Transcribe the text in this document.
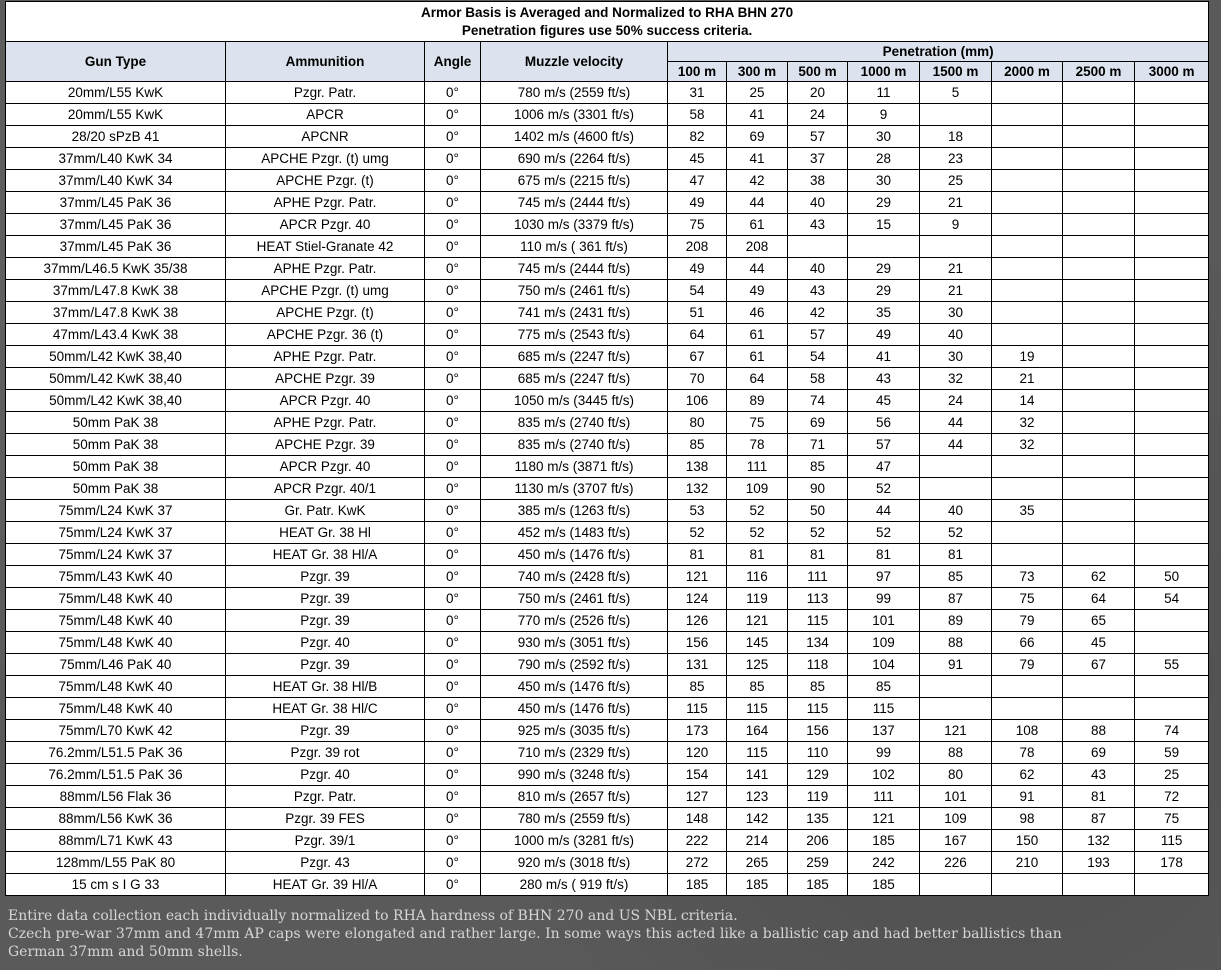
Armor Basis is Averaged and Normalized to RHA BHN 270
Penetration figures use 50% success criteria.											

Gun Type	Ammunition	Angle	Muzzle velocity	Penetration (mm)							
				100 m	300 m	500 m	1000 m	1500 m	2000 m	2500 m	3000 m
20mm/L55 KwK	Pzgr. Patr.	0°	780 m/s (2559 ft/s)	31	25	20	11	5			
20mm/L55 KwK	APCR	0°	1006 m/s (3301 ft/s)	58	41	24	9				
28/20 sPzB 41	APCNR	0°	1402 m/s (4600 ft/s)	82	69	57	30	18			
37mm/L40 KwK 34	APCHE Pzgr. (t) umg	0°	690 m/s (2264 ft/s)	45	41	37	28	23			
37mm/L40 KwK 34	APCHE Pzgr. (t)	0°	675 m/s (2215 ft/s)	47	42	38	30	25			
37mm/L45 PaK 36	APHE Pzgr. Patr.	0°	745 m/s (2444 ft/s)	49	44	40	29	21			
37mm/L45 PaK 36	APCR Pzgr. 40	0°	1030 m/s (3379 ft/s)	75	61	43	15	9			
37mm/L45 PaK 36	HEAT Stiel-Granate 42	0°	110 m/s ( 361 ft/s)	208	208						
37mm/L46.5 KwK 35/38	APHE Pzgr. Patr.	0°	745 m/s (2444 ft/s)	49	44	40	29	21			
37mm/L47.8 KwK 38	APCHE Pzgr. (t) umg	0°	750 m/s (2461 ft/s)	54	49	43	29	21			
37mm/L47.8 KwK 38	APCHE Pzgr. (t)	0°	741 m/s (2431 ft/s)	51	46	42	35	30			
47mm/L43.4 KwK 38	APCHE Pzgr. 36 (t)	0°	775 m/s (2543 ft/s)	64	61	57	49	40			
50mm/L42 KwK 38,40	APHE Pzgr. Patr.	0°	685 m/s (2247 ft/s)	67	61	54	41	30	19		
50mm/L42 KwK 38,40	APCHE Pzgr. 39	0°	685 m/s (2247 ft/s)	70	64	58	43	32	21		
50mm/L42 KwK 38,40	APCR Pzgr. 40	0°	1050 m/s (3445 ft/s)	106	89	74	45	24	14		
50mm PaK 38	APHE Pzgr. Patr.	0°	835 m/s (2740 ft/s)	80	75	69	56	44	32		
50mm PaK 38	APCHE Pzgr. 39	0°	835 m/s (2740 ft/s)	85	78	71	57	44	32		
50mm PaK 38	APCR Pzgr. 40	0°	1180 m/s (3871 ft/s)	138	111	85	47				
50mm PaK 38	APCR Pzgr. 40/1	0°	1130 m/s (3707 ft/s)	132	109	90	52				
75mm/L24 KwK 37	Gr. Patr. KwK	0°	385 m/s (1263 ft/s)	53	52	50	44	40	35		
75mm/L24 KwK 37	HEAT Gr. 38 Hl	0°	452 m/s (1483 ft/s)	52	52	52	52	52			
75mm/L24 KwK 37	HEAT Gr. 38 Hl/A	0°	450 m/s (1476 ft/s)	81	81	81	81	81			
75mm/L43 KwK 40	Pzgr. 39	0°	740 m/s (2428 ft/s)	121	116	111	97	85	73	62	50
75mm/L48 KwK 40	Pzgr. 39	0°	750 m/s (2461 ft/s)	124	119	113	99	87	75	64	54
75mm/L48 KwK 40	Pzgr. 39	0°	770 m/s (2526 ft/s)	126	121	115	101	89	79	65	
75mm/L48 KwK 40	Pzgr. 40	0°	930 m/s (3051 ft/s)	156	145	134	109	88	66	45	
75mm/L46 PaK 40	Pzgr. 39	0°	790 m/s (2592 ft/s)	131	125	118	104	91	79	67	55
75mm/L48 KwK 40	HEAT Gr. 38 Hl/B	0°	450 m/s (1476 ft/s)	85	85	85	85				
75mm/L48 KwK 40	HEAT Gr. 38 Hl/C	0°	450 m/s (1476 ft/s)	115	115	115	115				
75mm/L70 KwK 42	Pzgr. 39	0°	925 m/s (3035 ft/s)	173	164	156	137	121	108	88	74
76.2mm/L51.5 PaK 36	Pzgr. 39 rot	0°	710 m/s (2329 ft/s)	120	115	110	99	88	78	69	59
76.2mm/L51.5 PaK 36	Pzgr. 40	0°	990 m/s (3248 ft/s)	154	141	129	102	80	62	43	25
88mm/L56 Flak 36	Pzgr. Patr.	0°	810 m/s (2657 ft/s)	127	123	119	111	101	91	81	72
88mm/L56 KwK 36	Pzgr. 39 FES	0°	780 m/s (2559 ft/s)	148	142	135	121	109	98	87	75
88mm/L71 KwK 43	Pzgr. 39/1	0°	1000 m/s (3281 ft/s)	222	214	206	185	167	150	132	115
128mm/L55 PaK 80	Pzgr. 43	0°	920 m/s (3018 ft/s)	272	265	259	242	226	210	193	178
15 cm s I G 33	HEAT Gr. 39 Hl/A	0°	280 m/s ( 919 ft/s)	185	185	185	185				
Entire data collection each individually normalized to RHA hardness of BHN 270 and US NBL criteria.
Czech pre-war 37mm and 47mm AP caps were elongated and rather large. In some ways this acted like a ballistic cap and had better ballistics than
German 37mm and 50mm shells.
